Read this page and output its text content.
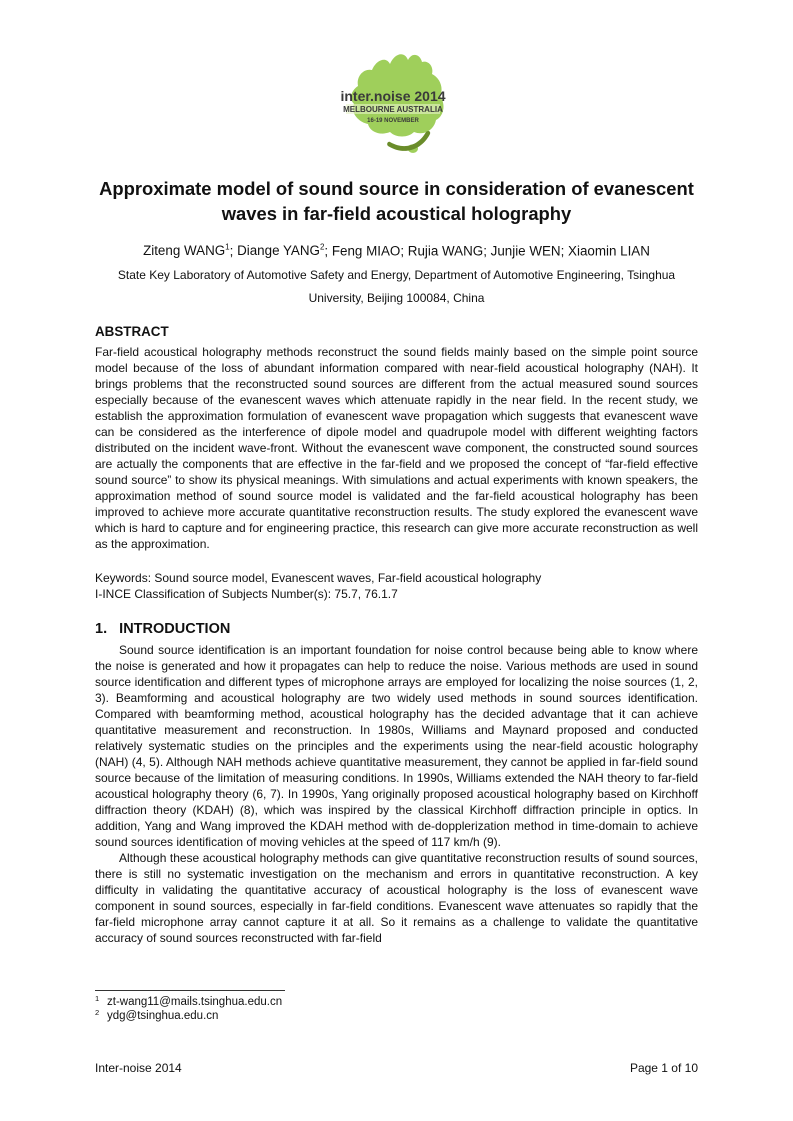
inter.noise 2014
MELBOURNE AUSTRALIA
16-19 NOVEMBER
Approximate model of sound source in consideration of evanescent waves in far-field acoustical holography
Ziteng WANG$^1$; Diange YANG$^2$; Feng MIAO; Rujia WANG; Junjie WEN; Xiaomin LIAN
State Key Laboratory of Automotive Safety and Energy, Department of Automotive Engineering, Tsinghua
University, Beijing 100084, China
ABSTRACT

Far-field acoustical holography methods reconstruct the sound fields mainly based on the simple point source model because of the loss of abundant information compared with near-field acoustical holography (NAH). It brings problems that the reconstructed sound sources are different from the actual measured sound sources especially because of the evanescent waves which attenuate rapidly in the near field. In the recent study, we establish the approximation formulation of evanescent wave propagation which suggests that evanescent wave can be considered as the interference of dipole model and quadrupole model with different weighting factors distributed on the incident wave-front. Without the evanescent wave component, the constructed sound sources are actually the components that are effective in the far-field and we proposed the concept of “far-field effective sound source” to show its physical meanings. With simulations and actual experiments with known speakers, the approximation method of sound source model is validated and the far-field acoustical holography has been improved to achieve more accurate quantitative reconstruction results. The study explored the evanescent wave which is hard to capture and for engineering practice, this research can give more accurate reconstruction as well as the approximation.

Keywords: Sound source model, Evanescent waves, Far-field acoustical holography
I-INCE Classification of Subjects Number(s): 75.7, 76.1.7
1.   INTRODUCTION

Sound source identification is an important foundation for noise control because being able to know where the noise is generated and how it propagates can help to reduce the noise. Various methods are used in sound source identification and different types of microphone arrays are employed for localizing the noise sources (1, 2, 3). Beamforming and acoustical holography are two widely used methods in sound sources identification. Compared with beamforming method, acoustical holography has the decided advantage that it can achieve quantitative measurement and reconstruction. In 1980s, Williams and Maynard proposed and conducted relatively systematic studies on the principles and the experiments using the near-field acoustic holography (NAH) (4, 5). Although NAH methods achieve quantitative measurement, they cannot be applied in far-field sound source because of the limitation of measuring conditions. In 1990s, Williams extended the NAH theory to far-field acoustical holography theory (6, 7). In 1990s, Yang originally proposed acoustical holography based on Kirchhoff diffraction theory (KDAH) (8), which was inspired by the classical Kirchhoff diffraction principle in optics. In addition, Yang and Wang improved the KDAH method with de-dopplerization method in time-domain to achieve sound sources identification of moving vehicles at the speed of 117 km/h (9).

Although these acoustical holography methods can give quantitative reconstruction results of sound sources, there is still no systematic investigation on the mechanism and errors in quantitative reconstruction. A key difficulty in validating the quantitative accuracy of acoustical holography is the loss of evanescent wave component in sound sources, especially in far-field conditions. Evanescent wave attenuates so rapidly that the far-field microphone array cannot capture it at all. So it remains as a challenge to validate the quantitative accuracy of sound sources reconstructed with far-field

1 zt-wang11@mails.tsinghua.edu.cn
2 ydg@tsinghua.edu.cn
Inter-noise 2014	Page 1 of 10
